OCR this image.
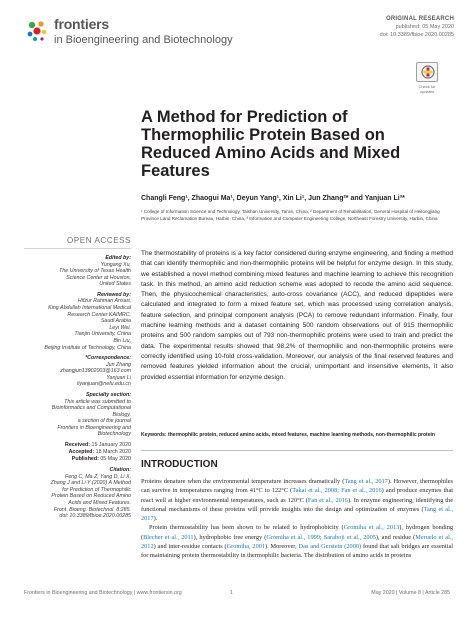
frontiers
in Bioengineering and Biotechnology
ORIGINAL RESEARCH
published: 05 May 2020
doi: 10.3389/fbioe.2020.00285
Check for updates
A Method for Prediction of Thermophilic Protein Based on Reduced Amino Acids and Mixed Features
Changli Feng¹, Zhaogui Ma¹, Deyun Yang¹, Xin Li¹, Jun Zhang²* and Yanjuan Li³*
¹ College of Information Science and Technology, Taishan University, Tai'an, China, ² Department of Rehabilitation, General Hospital of Heilongjiang Province Land Reclamation Bureau, Harbin, China, ³ Information and Computer Engineering College, Northeast Forestry University, Harbin, China
OPEN ACCESS
Edited by:
Yungang Xu,
The University of Texas Health
Science Center at Houston,
United States
Reviewed by:
Hifzur Rahman Ansari,
King Abdullah International Medical
Research Center KAIMRC,
Saudi Arabia
Leyi Wei,
Tianjin University, China
Bin Liu,
Beijing Institute of Technology, China
*Correspondence:
Jun Zhang
zhangjun13902003@163.com
Yanjuan Li
liyanjuan@nefu.edu.cn
Specialty section:
This article was submitted to
Bioinformatics and Computational
Biology,
a section of the journal
Frontiers in Bioengineering and
Biotechnology
Received: 15 January 2020
Accepted: 18 March 2020
Published: 05 May 2020
Citation:
Feng C, Ma Z, Yang D, Li X,
Zhang J and Li Y (2020) A Method
for Prediction of Thermophilic
Protein Based on Reduced Amino
Acids and Mixed Features.
Front. Bioeng. Biotechnol. 8:285.
doi: 10.3389/fbioe.2020.00285
The thermostability of proteins is a key factor considered during enzyme engineering, and finding a method that can identify thermophilic and non-thermophilic proteins will be helpful for enzyme design. In this study, we established a novel method combining mixed features and machine learning to achieve this recognition task. In this method, an amino acid reduction scheme was adopted to recode the amino acid sequence. Then, the physicochemical characteristics, auto-cross covariance (ACC), and reduced dipeptides were calculated and integrated to form a mixed feature set, which was processed using correlation analysis, feature selection, and principal component analysis (PCA) to remove redundant information. Finally, four machine learning methods and a dataset containing 500 random observations out of 915 thermophilic proteins and 500 random samples out of 793 non-thermophilic proteins were used to train and predict the data. The experimental results showed that 98.2% of thermophilic and non-thermophilic proteins were correctly identified using 10-fold cross-validation. Moreover, our analysis of the final reserved features and removed features yielded information about the crucial, unimportant and insensitive elements, it also provided essential information for enzyme design.
Keywords: thermophilic protein, reduced amino acids, mixed features, machine learning methods, non-thermophilic protein
INTRODUCTION

Proteins denature when the environmental temperature increases dramatically (Tang et al., 2017). However, thermophiles can survive in temperatures ranging from 41°C to 122°C (Takai et al., 2008; Fan et al., 2016) and produce enzymes that react well at higher environmental temperatures, such as 120°C (Fan et al., 2016). In enzyme engineering, identifying the functional mechanisms of these proteins will provide insights into the design and optimization of enzymes (Tang et al., 2017).

Protein thermostability has been shown to be related to hydrophobicity (Gromiha et al., 2013), hydrogen bonding (Blecher et al., 2011), hydrophobic free energy (Gromiha et al., 1999; Saraboji et al., 2005), and residue (Meruelo et al., 2012) and inter-residue contacts (Gromiha, 2001). Moreover, Das and Gerstein (2000) found that salt bridges are essential for maintaining protein thermostability in thermophilic bacteria. The distribution of amino acids in proteins

Frontiers in Bioengineering and Biotechnology | www.frontiersin.org	1	May 2020 | Volume 8 | Article 285
